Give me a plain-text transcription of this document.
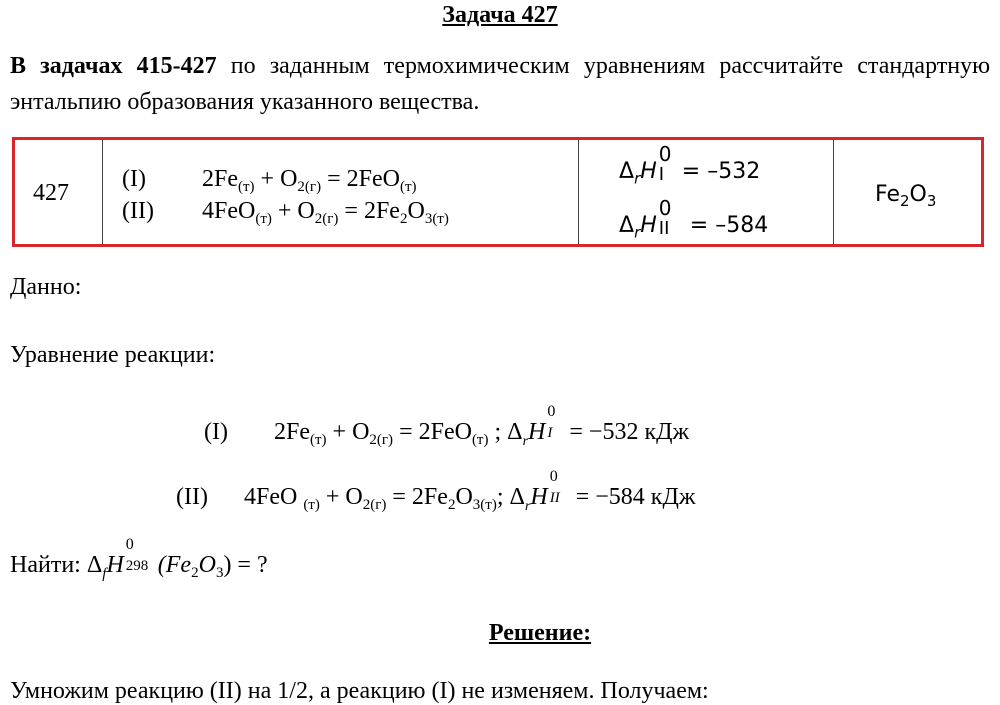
Задача 427
В задачах 415-427 по заданным термохимическим уравнениям рассчитайте стандартную энтальпию образования указанного вещества.
427
(I) $2Fe_{(т)} + O_{2(г)} = 2FeO_{(т)}$
(II) $4FeO_{(т)} + O_{2(г)} = 2Fe_2O_{3(т)}$
$\Delta_rH$
0
I = –532
$\Delta_rH$
0
II = –584
$Fe_2O_3$
Данно:
Уравнение реакции:
(I) $2Fe_{(т)} + O_{2(г)} = 2FeO_{(т)}$ ; $\Delta_rH$
0
I = −532 кДж
(II) 4FeO $_{(т)} + O_{2(г)} = 2Fe_2O_{3(т)}$; $\Delta_rH$
0
II = −584 кДж
Найти: $\Delta_fH$
0
298 $(Fe_2O_3)$ = ?
Решение:
Умножим реакцию (II) на 1/2, а реакцию (I) не изменяем. Получаем:
